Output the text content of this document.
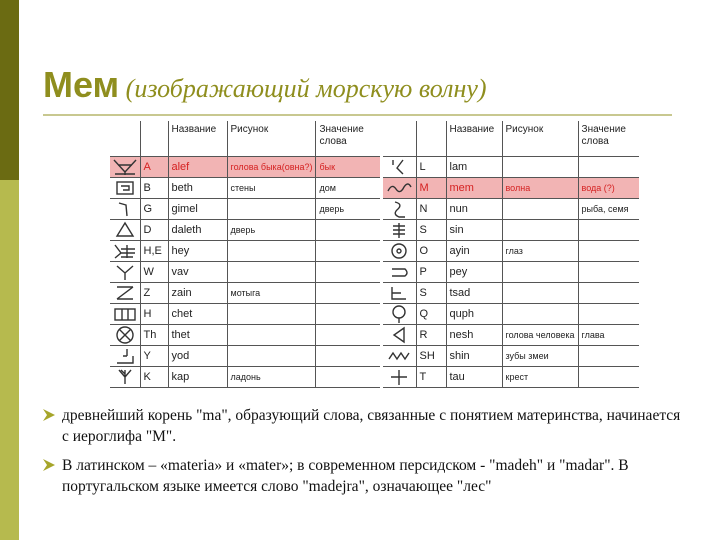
Мем (изображающий морскую волну)
		Название	Рисунок	Значение слова

	A	alef	голова быка(овна?)	бык

	B	beth	стены	дом

	G	gimel		дверь

	D	daleth	дверь	

	H,E	hey		

	W	vav		

	Z	zain	мотыга	

	H	chet		

	Th	thet		

	Y	yod		

	K	kap	ладонь	
		Название	Рисунок	Значение слова

	L	lam		

	M	mem	волна	вода (?)

	N	nun		рыба, семя

	S	sin		

	O	ayin	глаз	

	P	pey		

	S	tsad		

	Q	quph		

	R	nesh	голова человека	глава

	SH	shin	зубы змеи	

	T	tau	крест	
древнейший корень "ma", образующий слова, связанные с понятием материнства, начинается с иероглифа "M".
В латинском – «materia» и «mater»; в современном персидском - "madeh" и "madar". В португальском языке имеется слово "madejra", означающее "лес"
